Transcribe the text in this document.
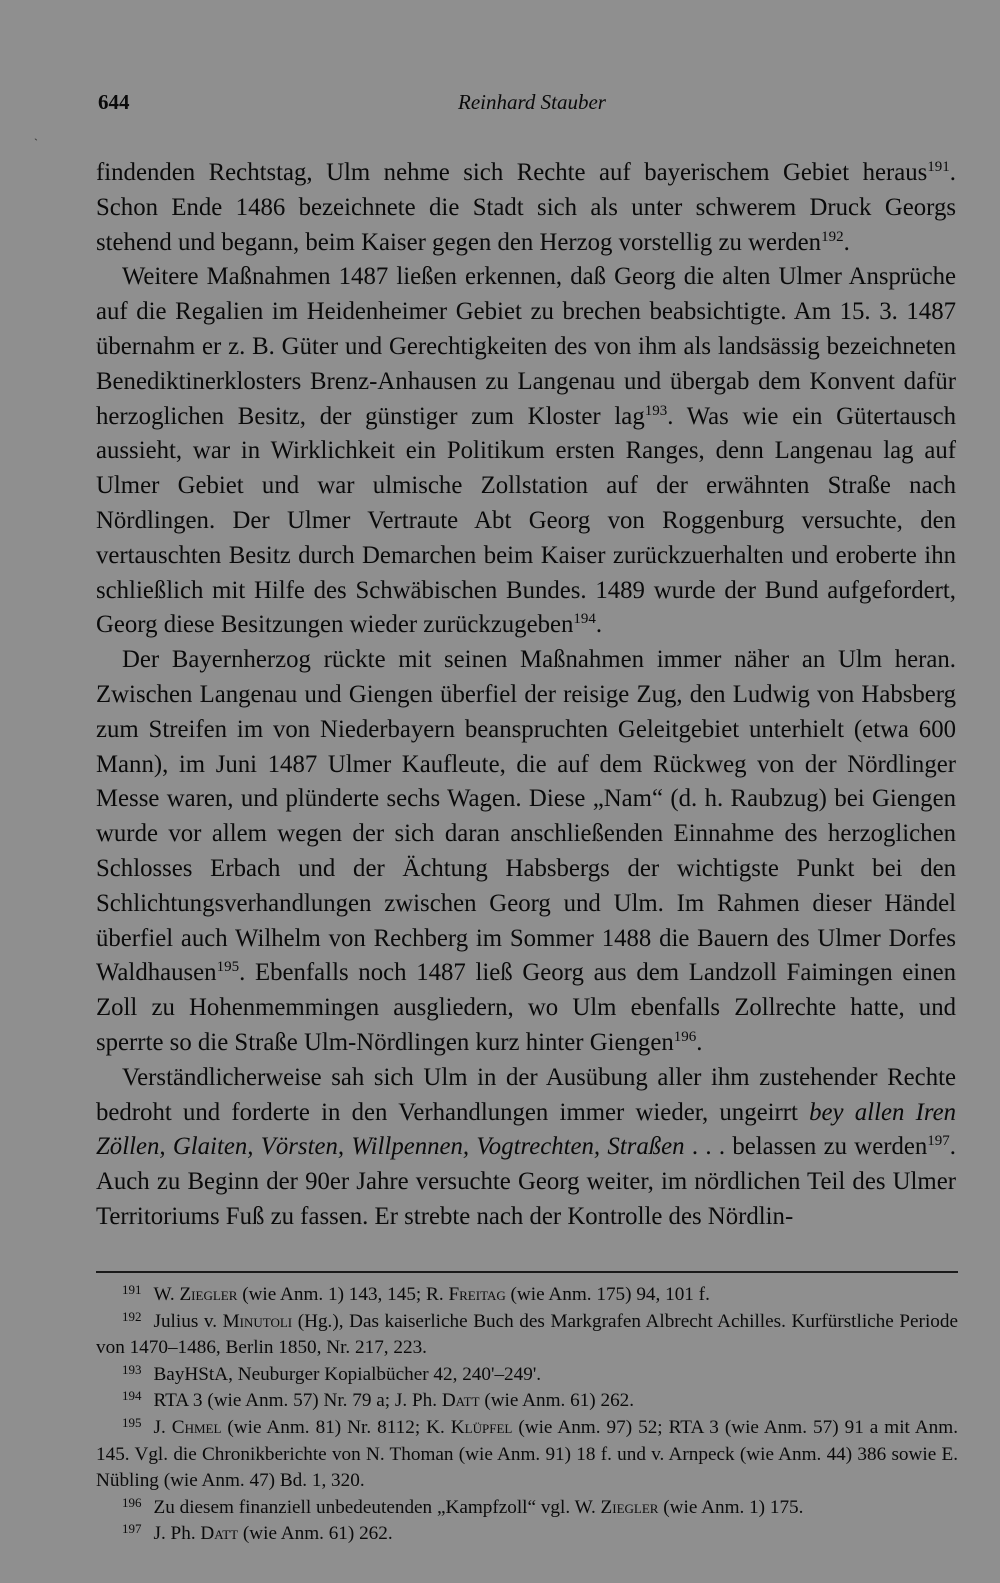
644	Reinhard Stauber
`

findenden Rechtstag, Ulm nehme sich Rechte auf bayerischem Gebiet heraus$^{191}$. Schon Ende 1486 bezeichnete die Stadt sich als unter schwerem Druck Georgs stehend und begann, beim Kaiser gegen den Herzog vorstellig zu werden$^{192}$.

Weitere Maßnahmen 1487 ließen erkennen, daß Georg die alten Ulmer Ansprüche auf die Regalien im Heidenheimer Gebiet zu brechen beabsichtigte. Am 15. 3. 1487 übernahm er z. B. Güter und Gerechtigkeiten des von ihm als landsässig bezeichneten Benediktinerklosters Brenz-Anhausen zu Langenau und übergab dem Konvent dafür herzoglichen Besitz, der günstiger zum Kloster lag$^{193}$. Was wie ein Gütertausch aussieht, war in Wirklichkeit ein Politikum ersten Ranges, denn Langenau lag auf Ulmer Gebiet und war ulmische Zollstation auf der erwähnten Straße nach Nördlingen. Der Ulmer Vertraute Abt Georg von Roggenburg versuchte, den vertauschten Besitz durch Demarchen beim Kaiser zurückzuerhalten und eroberte ihn schließlich mit Hilfe des Schwäbischen Bundes. 1489 wurde der Bund aufgefordert, Georg diese Besitzungen wieder zurückzugeben$^{194}$.

Der Bayernherzog rückte mit seinen Maßnahmen immer näher an Ulm heran. Zwischen Langenau und Giengen überfiel der reisige Zug, den Ludwig von Habsberg zum Streifen im von Niederbayern beanspruchten Geleitgebiet unterhielt (etwa 600 Mann), im Juni 1487 Ulmer Kaufleute, die auf dem Rückweg von der Nördlinger Messe waren, und plünderte sechs Wagen. Diese „Nam“ (d. h. Raubzug) bei Giengen wurde vor allem wegen der sich daran anschließenden Einnahme des herzoglichen Schlosses Erbach und der Ächtung Habsbergs der wichtigste Punkt bei den Schlichtungsverhandlungen zwischen Georg und Ulm. Im Rahmen dieser Händel überfiel auch Wilhelm von Rechberg im Sommer 1488 die Bauern des Ulmer Dorfes Waldhausen$^{195}$. Ebenfalls noch 1487 ließ Georg aus dem Landzoll Faimingen einen Zoll zu Hohenmemmingen ausgliedern, wo Ulm ebenfalls Zollrechte hatte, und sperrte so die Straße Ulm-Nördlingen kurz hinter Giengen$^{196}$.

Verständlicherweise sah sich Ulm in der Ausübung aller ihm zustehender Rechte bedroht und forderte in den Verhandlungen immer wieder, ungeirrt bey allen Iren Zöllen, Glaiten, Vörsten, Willpennen, Vogtrechten, Straßen . . . belassen zu werden$^{197}$. Auch zu Beginn der 90er Jahre versuchte Georg weiter, im nördlichen Teil des Ulmer Territoriums Fuß zu fassen. Er strebte nach der Kontrolle des Nördlin-

$^{191}$ W. Ziegler (wie Anm. 1) 143, 145; R. Freitag (wie Anm. 175) 94, 101 f.

$^{192}$ Julius v. Minutoli (Hg.), Das kaiserliche Buch des Markgrafen Albrecht Achilles. Kurfürstliche Periode von 1470–1486, Berlin 1850, Nr. 217, 223.

$^{193}$ BayHStA, Neuburger Kopialbücher 42, 240'–249'.

$^{194}$ RTA 3 (wie Anm. 57) Nr. 79 a; J. Ph. Datt (wie Anm. 61) 262.

$^{195}$ J. Chmel (wie Anm. 81) Nr. 8112; K. Klüpfel (wie Anm. 97) 52; RTA 3 (wie Anm. 57) 91 a mit Anm. 145. Vgl. die Chronikberichte von N. Thoman (wie Anm. 91) 18 f. und v. Arnpeck (wie Anm. 44) 386 sowie E. Nübling (wie Anm. 47) Bd. 1, 320.

$^{196}$ Zu diesem finanziell unbedeutenden „Kampfzoll“ vgl. W. Ziegler (wie Anm. 1) 175.

$^{197}$ J. Ph. Datt (wie Anm. 61) 262.
